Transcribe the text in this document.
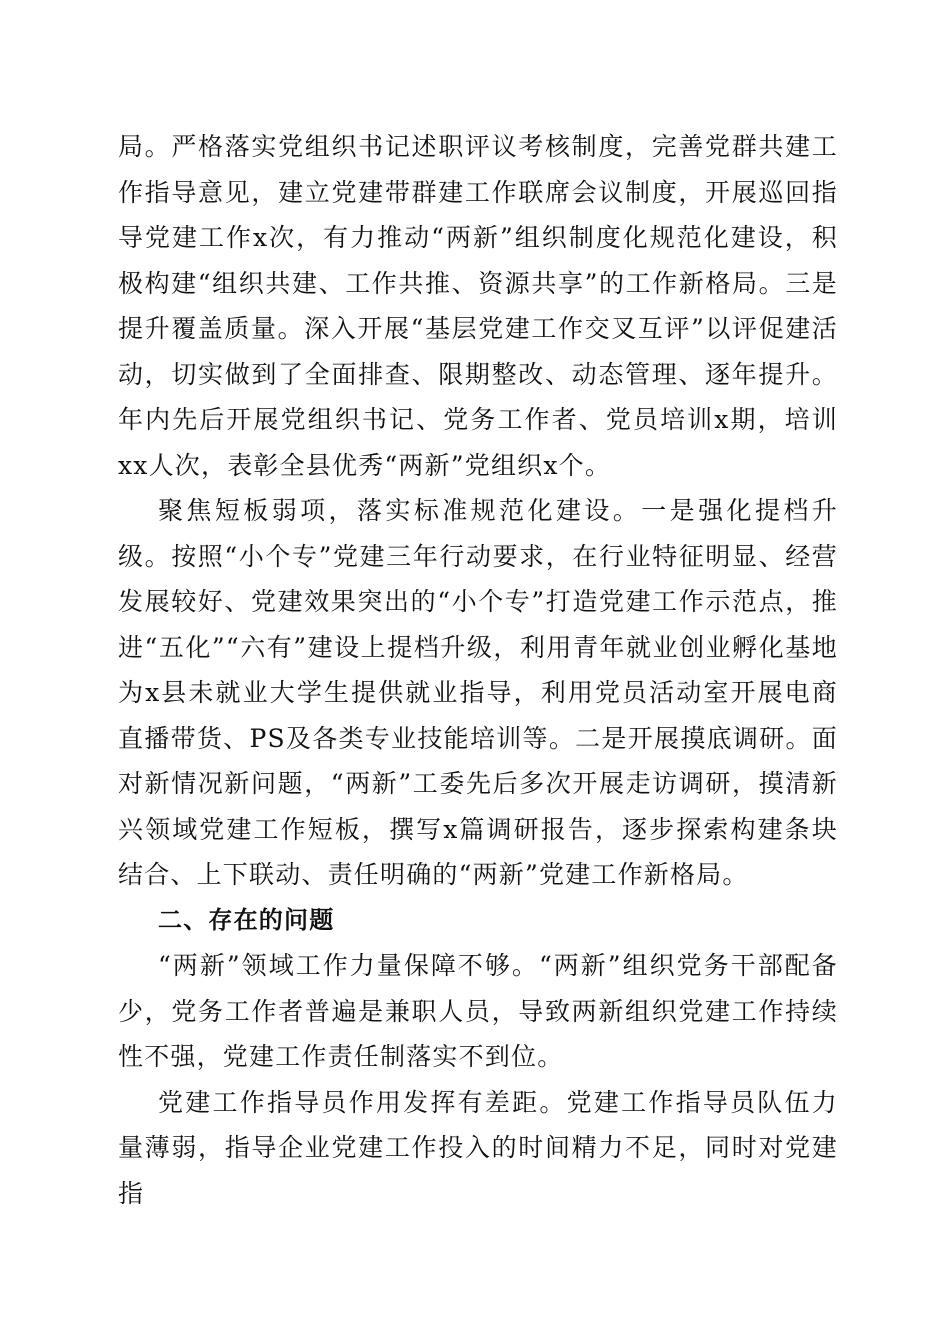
局。严格落实党组织书记述职评议考核制度，完善党群共建工作指导意见，建立党建带群建工作联席会议制度，开展巡回指导党建工作x次，有力推动“两新”组织制度化规范化建设，积极构建“组织共建、工作共推、资源共享”的工作新格局。三是提升覆盖质量。深入开展“基层党建工作交叉互评”以评促建活动，切实做到了全面排查、限期整改、动态管理、逐年提升。年内先后开展党组织书记、党务工作者、党员培训x期，培训xx人次，表彰全县优秀“两新”党组织x个。

聚焦短板弱项，落实标准规范化建设。一是强化提档升级。按照“小个专”党建三年行动要求，在行业特征明显、经营发展较好、党建效果突出的“小个专”打造党建工作示范点，推进“五化”“六有”建设上提档升级，利用青年就业创业孵化基地为x县未就业大学生提供就业指导，利用党员活动室开展电商直播带货、PS及各类专业技能培训等。二是开展摸底调研。面对新情况新问题，“两新”工委先后多次开展走访调研，摸清新兴领域党建工作短板，撰写x篇调研报告，逐步探索构建条块结合、上下联动、责任明确的“两新”党建工作新格局。

二、存在的问题

“两新”领域工作力量保障不够。“两新”组织党务干部配备少，党务工作者普遍是兼职人员，导致两新组织党建工作持续性不强，党建工作责任制落实不到位。

党建工作指导员作用发挥有差距。党建工作指导员队伍力量薄弱，指导企业党建工作投入的时间精力不足，同时对党建指
